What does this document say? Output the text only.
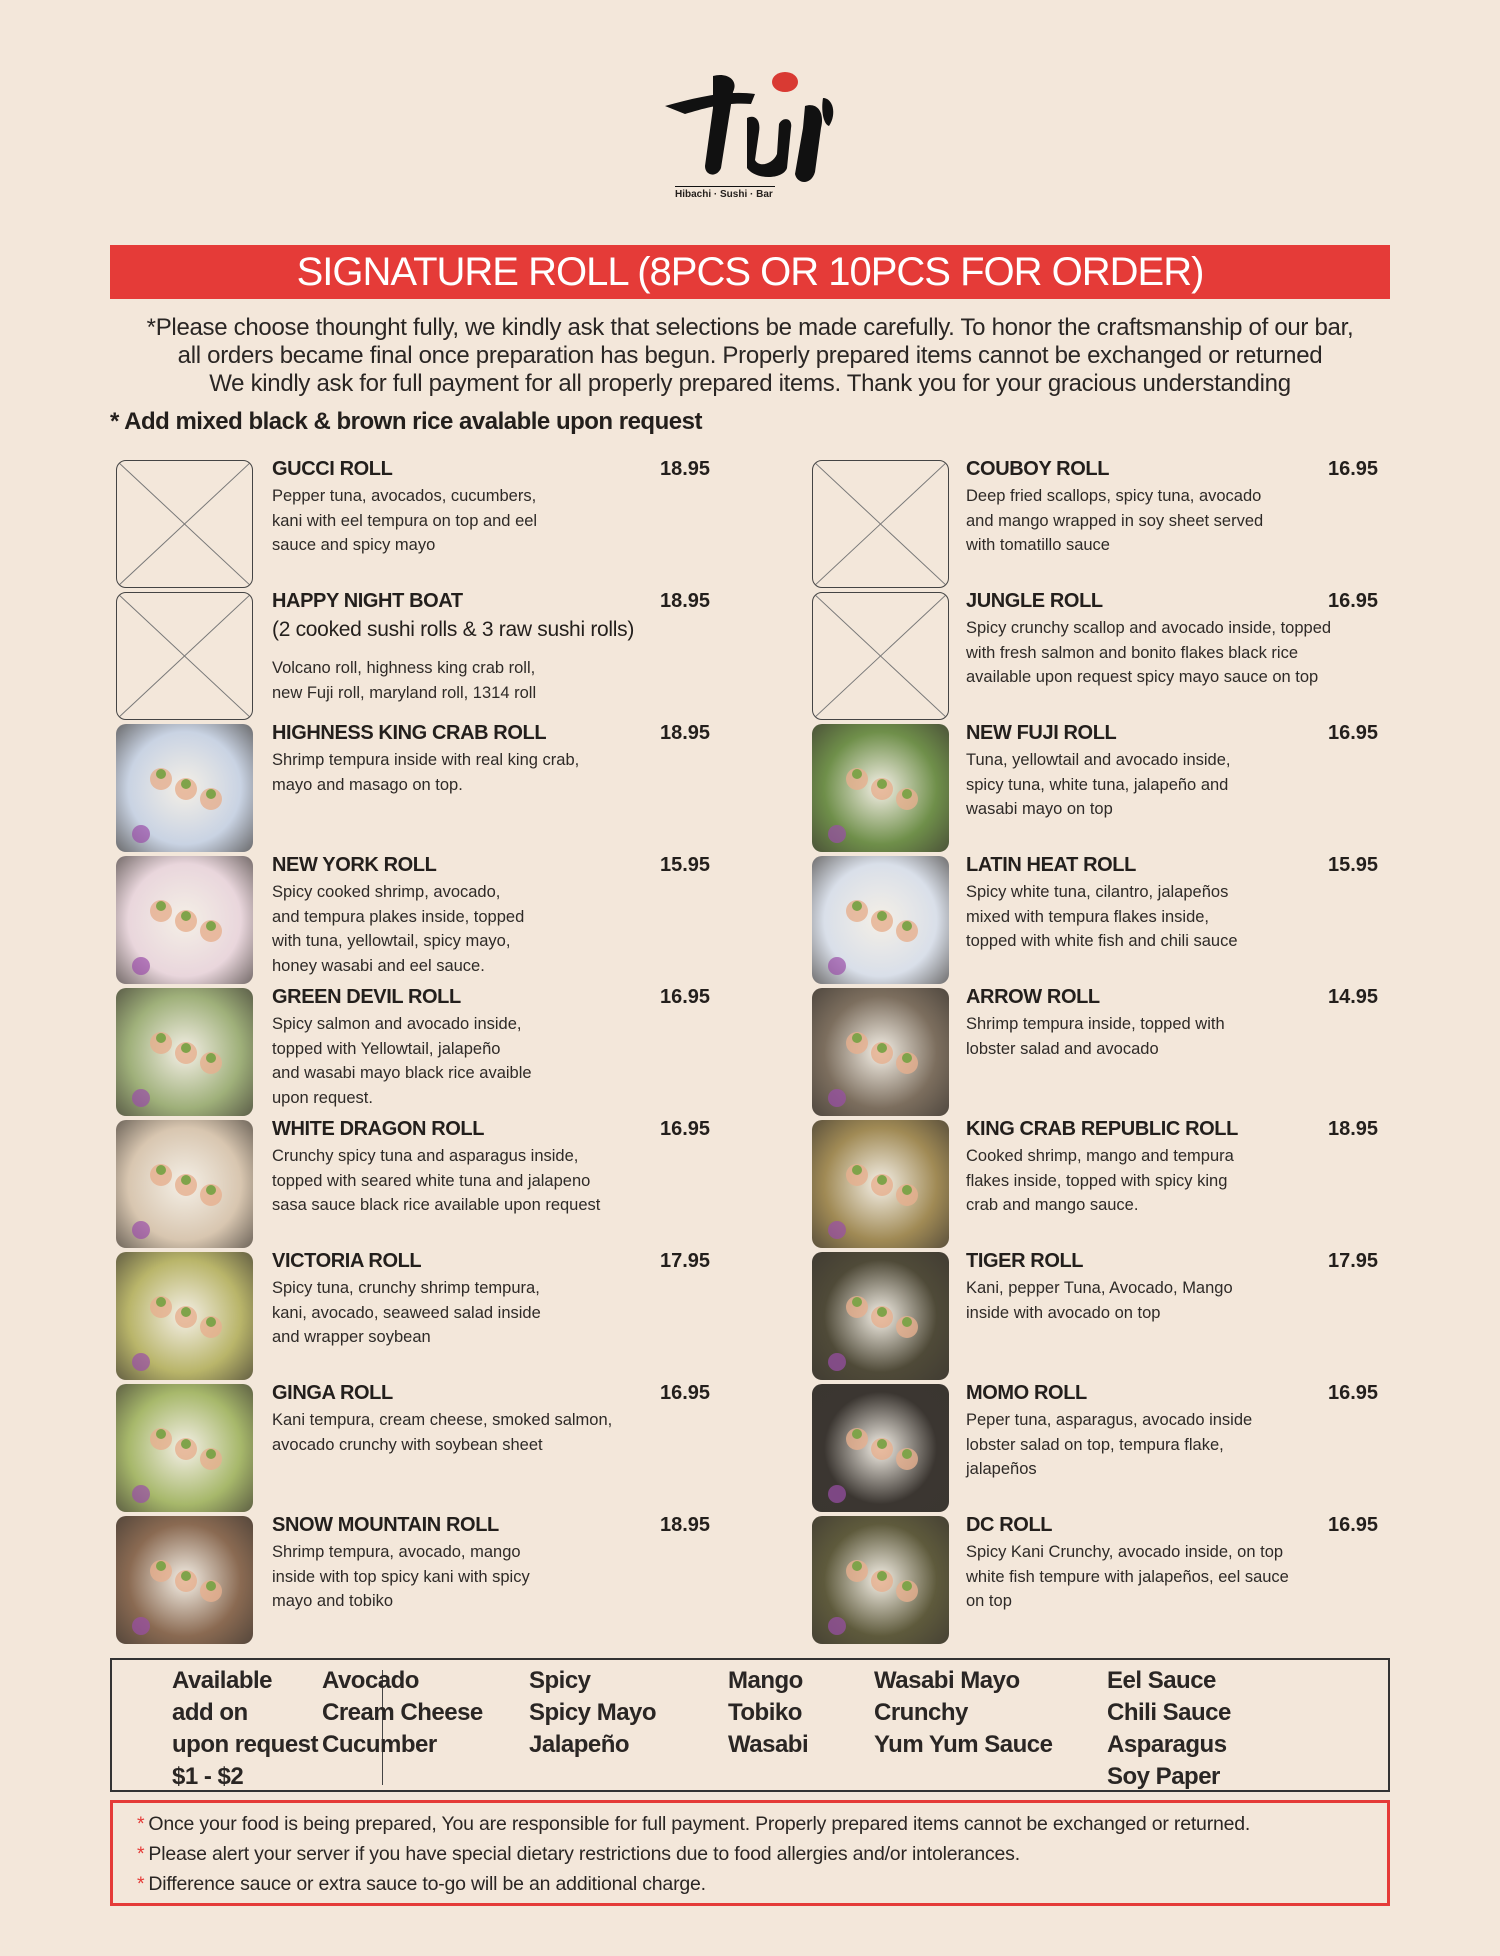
Hibachi · Sushi · Bar
SIGNATURE ROLL (8PCS OR 10PCS FOR ORDER)
*Please choose thounght fully, we kindly ask that selections be made carefully. To honor the craftsmanship of our bar,
all orders became final once preparation has begun. Properly prepared items cannot be exchanged or returned
We kindly ask for full payment for all properly prepared items. Thank you for your gracious understanding
* Add mixed black & brown rice avalable upon request
GUCCI ROLL	18.95
Pepper tuna, avocados, cucumbers,
kani with eel tempura on top and eel
sauce and spicy mayo
HAPPY NIGHT BOAT	18.95
(2 cooked sushi rolls & 3 raw sushi rolls)
Volcano roll, highness king crab roll,
new Fuji roll, maryland roll, 1314 roll
HIGHNESS KING CRAB ROLL	18.95
Shrimp tempura inside with real king crab,
mayo and masago on top.
NEW YORK ROLL	15.95
Spicy cooked shrimp, avocado,
and tempura plakes inside, topped
with tuna, yellowtail, spicy mayo,
honey wasabi and eel sauce.
GREEN DEVIL ROLL	16.95
Spicy salmon and avocado inside,
topped with Yellowtail, jalapeño
and wasabi mayo black rice avaible
upon request.
WHITE DRAGON ROLL	16.95
Crunchy spicy tuna and asparagus inside,
topped with seared white tuna and jalapeno
sasa sauce black rice available upon request
VICTORIA ROLL	17.95
Spicy tuna, crunchy shrimp tempura,
kani, avocado, seaweed salad inside
and wrapper soybean
GINGA ROLL	16.95
Kani tempura, cream cheese, smoked salmon,
avocado crunchy with soybean sheet
SNOW MOUNTAIN ROLL	18.95
Shrimp tempura, avocado, mango
inside with top spicy kani with spicy
mayo and tobiko
COUBOY ROLL	16.95
Deep fried scallops, spicy tuna, avocado
and mango wrapped in soy sheet served
with tomatillo sauce
JUNGLE ROLL	16.95
Spicy crunchy scallop and avocado inside, topped
with fresh salmon and bonito flakes black rice
available upon request spicy mayo sauce on top
NEW FUJI ROLL	16.95
Tuna, yellowtail and avocado inside,
spicy tuna, white tuna, jalapeño and
wasabi mayo on top
LATIN HEAT ROLL	15.95
Spicy white tuna, cilantro, jalapeños
mixed with tempura flakes inside,
topped with white fish and chili sauce
ARROW ROLL	14.95
Shrimp tempura inside, topped with
lobster salad and avocado
KING CRAB REPUBLIC ROLL	18.95
Cooked shrimp, mango and tempura
flakes inside, topped with spicy king
crab and mango sauce.
TIGER ROLL	17.95
Kani, pepper Tuna, Avocado, Mango
inside with avocado on top
MOMO ROLL	16.95
Peper tuna, asparagus, avocado inside
lobster salad on top, tempura flake,
jalapeños
DC ROLL	16.95
Spicy Kani Crunchy, avocado inside, on top
white fish tempure with jalapeños, eel sauce
on top
Available
add on
upon request
$1 - $2
Avocado
Cream Cheese
Cucumber
Spicy
Spicy Mayo
Jalapeño
Mango
Tobiko
Wasabi
Wasabi Mayo
Crunchy
Yum Yum Sauce
Eel Sauce
Chili Sauce
Asparagus
Soy Paper

* Once your food is being prepared, You are responsible for full payment. Properly prepared items cannot be exchanged or returned.

* Please alert your server if you have special dietary restrictions due to food allergies and/or intolerances.

* Difference sauce or extra sauce to-go will be an additional charge.
